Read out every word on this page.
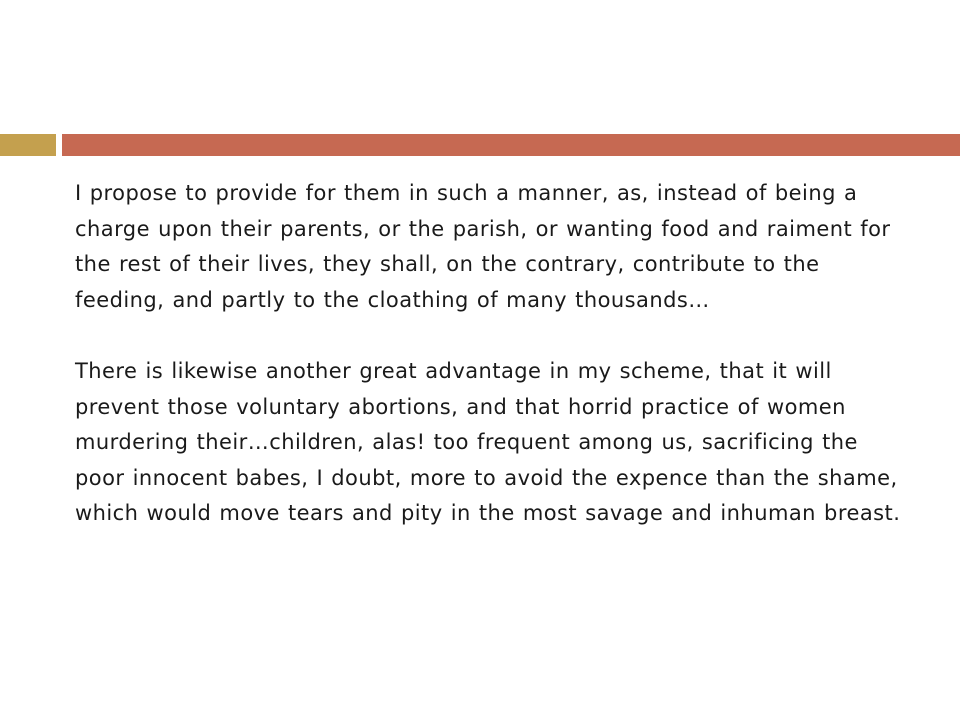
I propose to provide for them in such a manner, as, instead of being a charge upon their parents, or the parish, or wanting food and raiment for the rest of their lives, they shall, on the contrary, contribute to the feeding, and partly to the cloathing of many thousands…

There is likewise another great advantage in my scheme, that it will prevent those voluntary abortions, and that horrid practice of women murdering their…children, alas! too frequent among us, sacrificing the poor innocent babes, I doubt, more to avoid the expence than the shame, which would move tears and pity in the most savage and inhuman breast.
